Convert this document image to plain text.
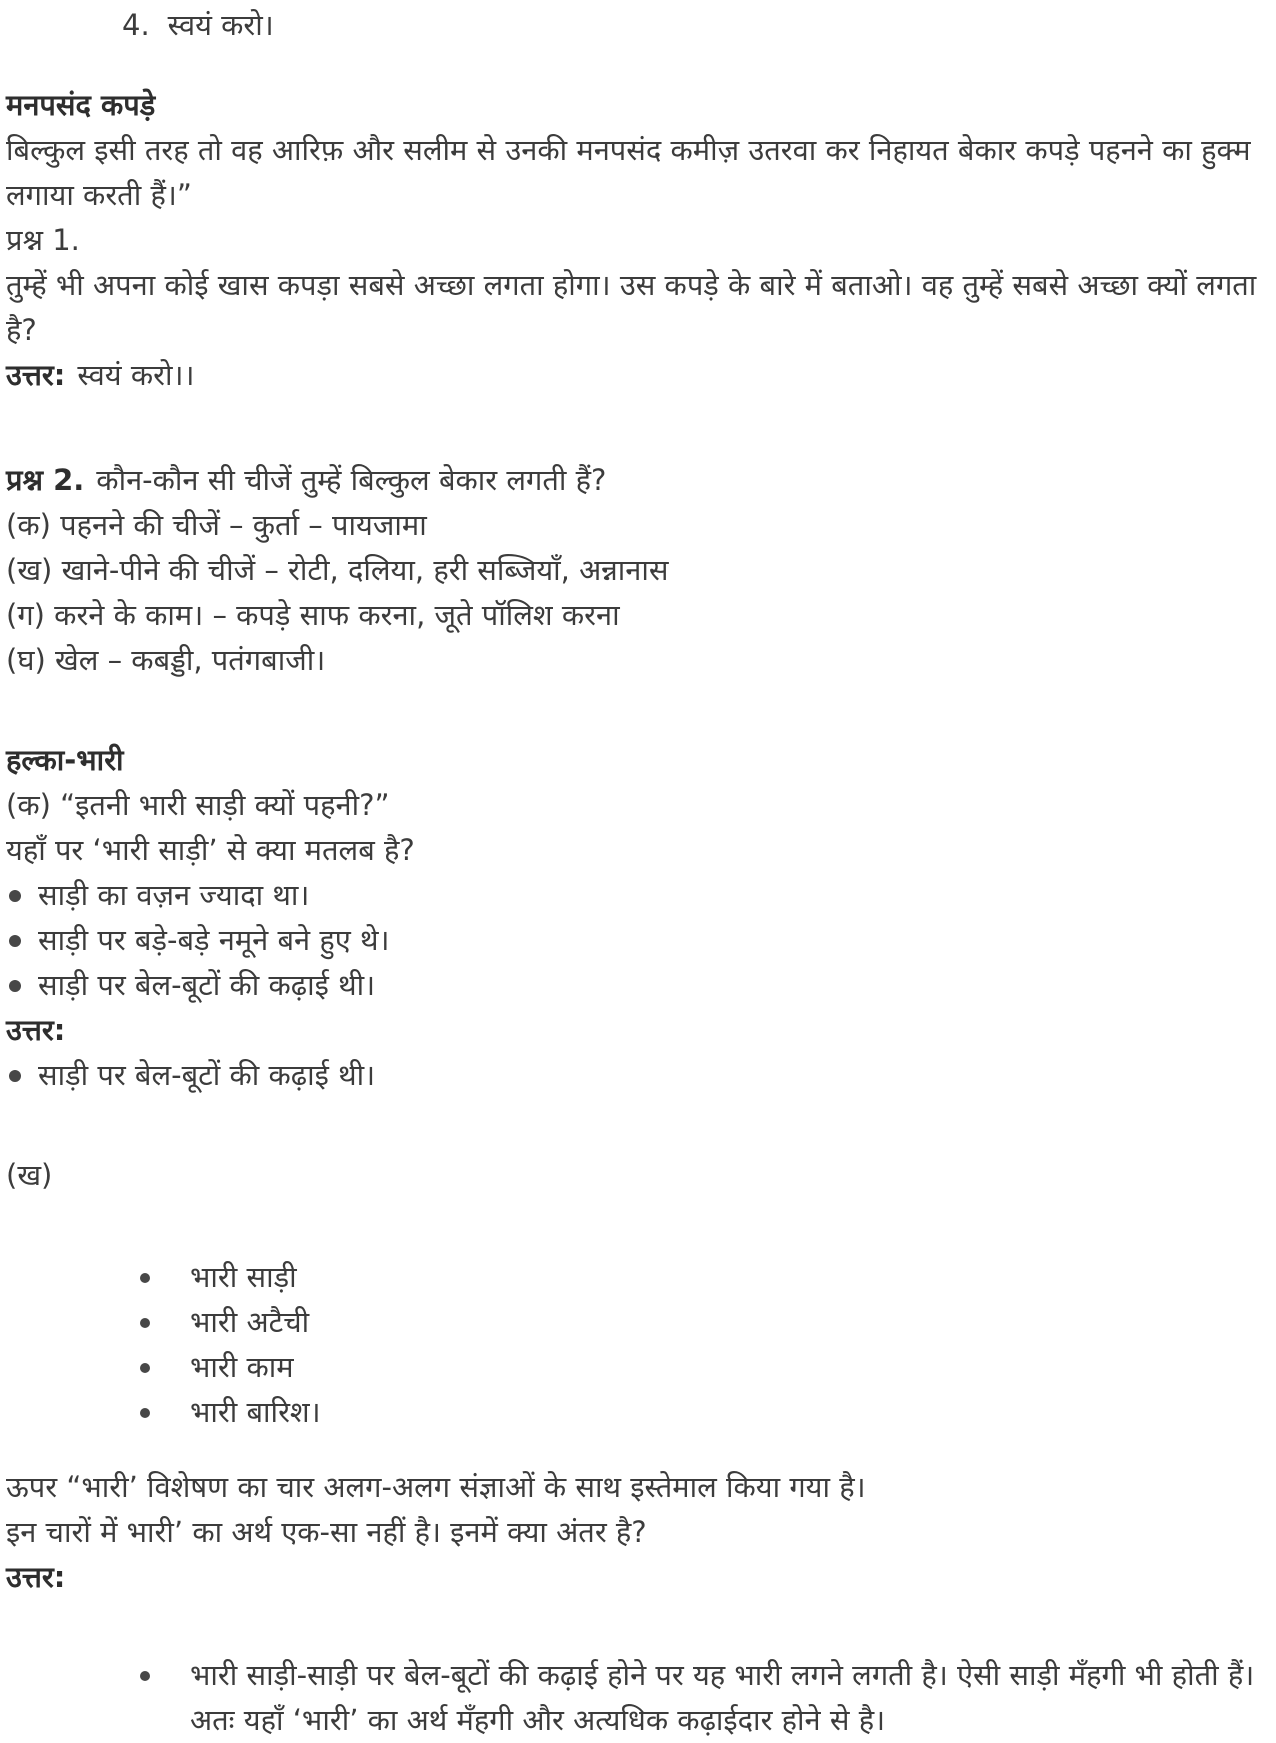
4. स्वयं करो।
मनपसंद कपड़े
बिल्कुल इसी तरह तो वह आरिफ़ और सलीम से उनकी मनपसंद कमीज़ उतरवा कर निहायत बेकार कपड़े पहनने का हुक्म लगाया करती हैं।”
प्रश्न 1.
तुम्हें भी अपना कोई खास कपड़ा सबसे अच्छा लगता होगा। उस कपड़े के बारे में बताओ। वह तुम्हें सबसे अच्छा क्यों लगता है?
उत्तर: स्वयं करो।।
प्रश्न 2. कौन-कौन सी चीजें तुम्हें बिल्कुल बेकार लगती हैं?
(क) पहनने की चीजें – कुर्ता – पायजामा
(ख) खाने-पीने की चीजें – रोटी, दलिया, हरी सब्जियाँ, अन्नानास
(ग) करने के काम। – कपड़े साफ करना, जूते पॉलिश करना
(घ) खेल – कबड्डी, पतंगबाजी।
हल्का-भारी
(क) “इतनी भारी साड़ी क्यों पहनी?”
यहाँ पर ‘भारी साड़ी’ से क्या मतलब है?
साड़ी का वज़न ज्यादा था।
साड़ी पर बड़े-बड़े नमूने बने हुए थे।
साड़ी पर बेल-बूटों की कढ़ाई थी।
उत्तर:
साड़ी पर बेल-बूटों की कढ़ाई थी।
(ख)
भारी साड़ी
भारी अटैची
भारी काम
भारी बारिश।
ऊपर “भारी’ विशेषण का चार अलग-अलग संज्ञाओं के साथ इस्तेमाल किया गया है।
इन चारों में भारी’ का अर्थ एक-सा नहीं है। इनमें क्या अंतर है?
उत्तर:
भारी साड़ी-साड़ी पर बेल-बूटों की कढ़ाई होने पर यह भारी लगने लगती है। ऐसी साड़ी मँहगी भी होती हैं। अतः यहाँ ‘भारी’ का अर्थ मँहगी और अत्यधिक कढ़ाईदार होने से है।
